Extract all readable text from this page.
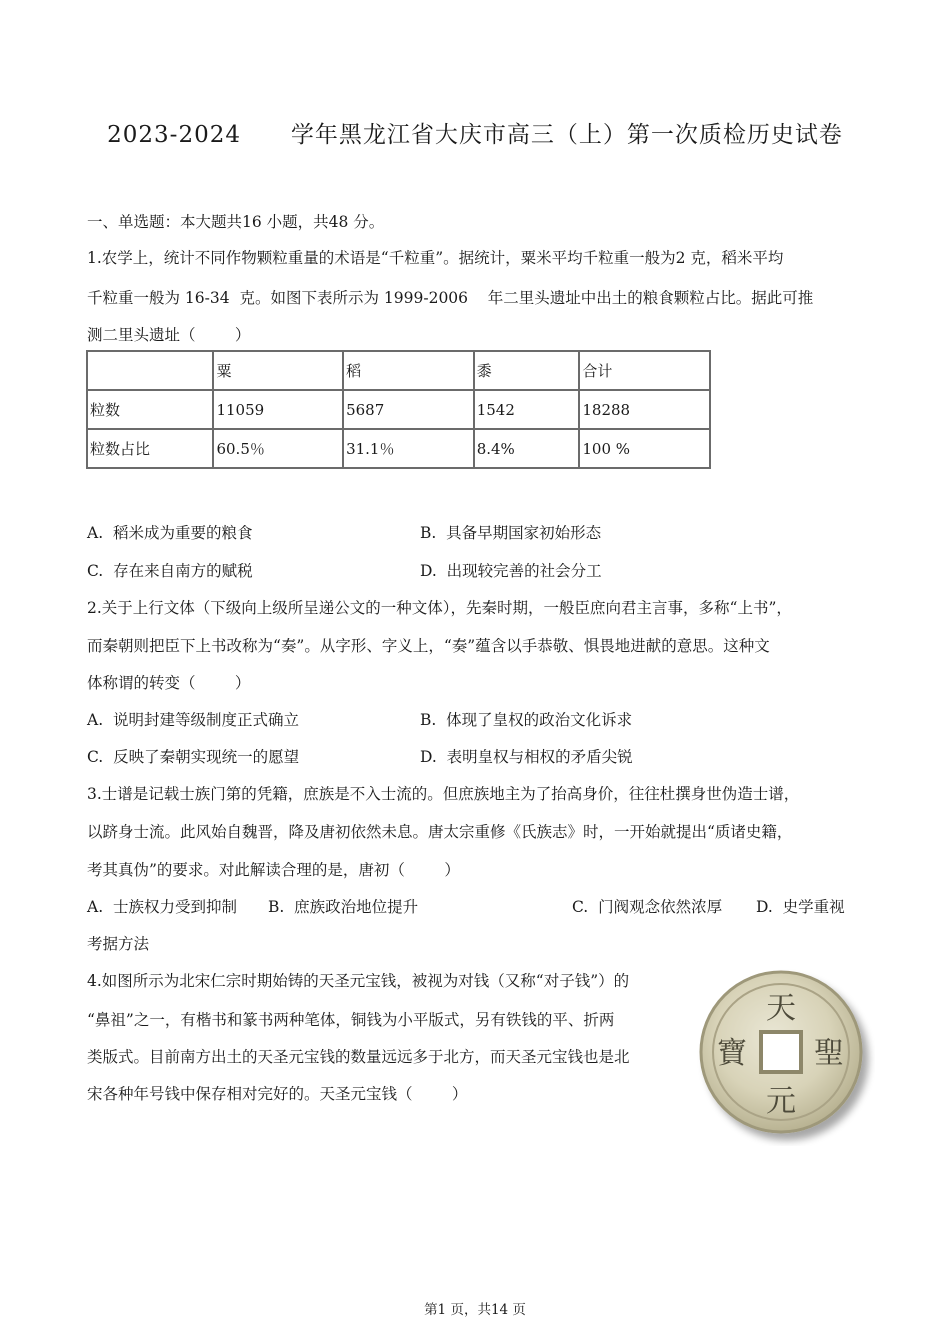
2023-2024      学年黑龙江省大庆市高三（上）第一次质检历史试卷
一、单选题：本大题共16 小题，共48 分。
1.农学上，统计不同作物颗粒重量的术语是“千粒重”。据统计，粟米平均千粒重一般为2 克，稻米平均
千粒重一般为 16-34  克。如图下表所示为 1999-2006    年二里头遗址中出土的粮食颗粒占比。据此可推
测二里头遗址（        ）
	粟	稻	黍	合计
粒数	11059	5687	1542	18288
粒数占比	60.5％	31.1％	8.4%	100 %
A.  稻米成为重要的粮食	B.  具备早期国家初始形态
C.  存在来自南方的赋税	D.  出现较完善的社会分工
2.关于上行文体（下级向上级所呈递公文的一种文体），先秦时期，一般臣庶向君主言事，多称“上书”，
而秦朝则把臣下上书改称为“奏”。从字形、字义上，“奏”蕴含以手恭敬、惧畏地进献的意思。这种文
体称谓的转变（        ）
A.  说明封建等级制度正式确立	B.  体现了皇权的政治文化诉求
C.  反映了秦朝实现统一的愿望	D.  表明皇权与相权的矛盾尖锐
3.士谱是记载士族门第的凭籍，庶族是不入士流的。但庶族地主为了抬高身价，往往杜撰身世伪造士谱，
以跻身士流。此风始自魏晋，降及唐初依然未息。唐太宗重修《氏族志》时，一开始就提出“质诸史籍，
考其真伪”的要求。对此解读合理的是，唐初（        ）
A.  士族权力受到抑制 B.  庶族政治地位提升	C.  门阀观念依然浓厚 D.  史学重视
考据方法
4.如图所示为北宋仁宗时期始铸的天圣元宝钱，被视为对钱（又称“对子钱”）的
“鼻祖”之一，有楷书和篆书两种笔体，铜钱为小平版式，另有铁钱的平、折两
类版式。目前南方出土的天圣元宝钱的数量远远多于北方，而天圣元宝钱也是北
宋各种年号钱中保存相对完好的。天圣元宝钱（        ）
天
聖
元
寶
第1 页，共14 页
